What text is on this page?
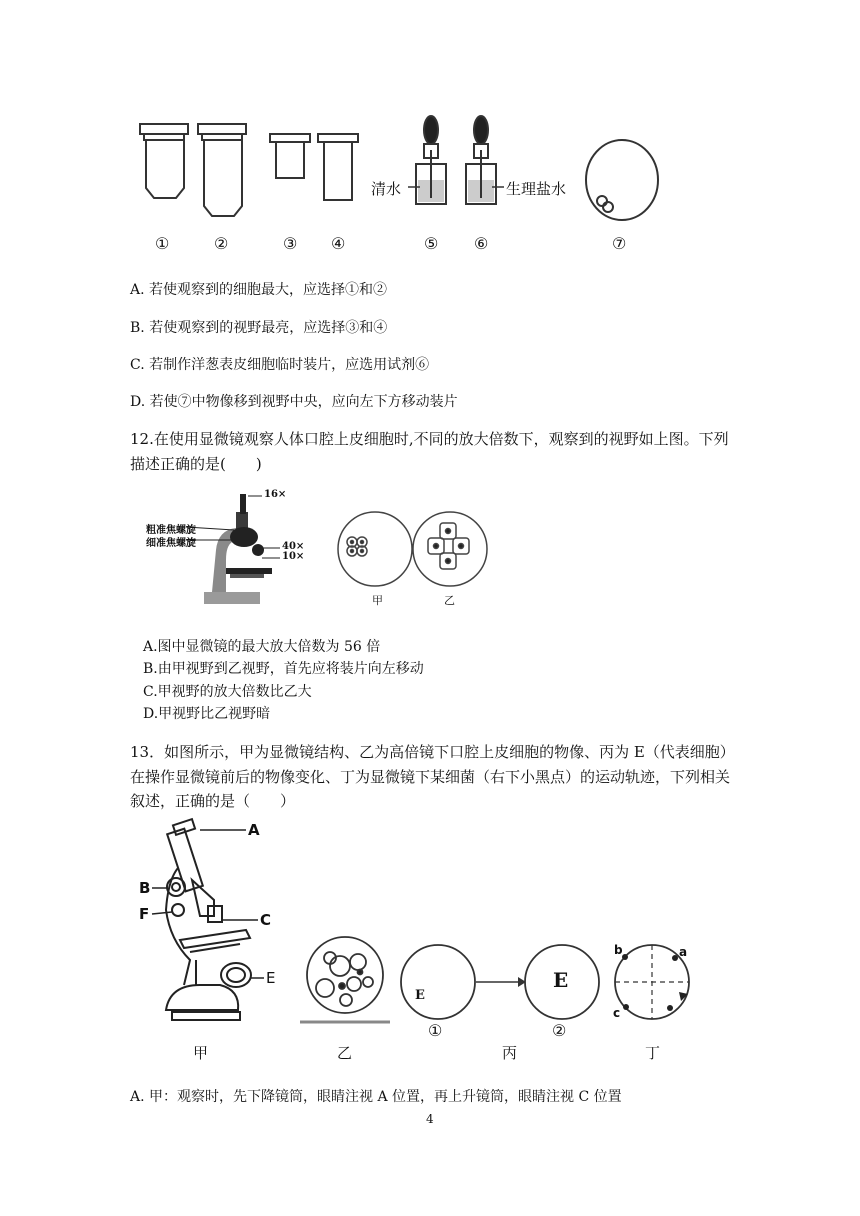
清水	生理盐水
①	②	③ ④	⑤ ⑥	⑦
A. 若使观察到的细胞最大，应选择①和②
B. 若使观察到的视野最亮，应选择③和④
C. 若制作洋葱表皮细胞临时装片，应选用试剂⑥
D. 若使⑦中物像移到视野中央，应向左下方移动装片
12.在使用显微镜观察人体口腔上皮细胞时,不同的放大倍数下，观察到的视野如上图。下列
描述正确的是(　　)
16×
粗准焦螺旋
细准焦螺旋	40×
10×
甲	乙
A.图中显微镜的最大放大倍数为 56 倍
B.由甲视野到乙视野，首先应将装片向左移动
C.甲视野的放大倍数比乙大
D.甲视野比乙视野暗
13．如图所示，甲为显微镜结构、乙为高倍镜下口腔上皮细胞的物像、丙为 E（代表细胞）
在操作显微镜前后的物像变化、丁为显微镜下某细菌（右下小黑点）的运动轨迹，下列相关
叙述，正确的是（　　）
A
B
F	C
E
E
E
①	②
b	a
c
甲	乙	丙	丁
A. 甲：观察时，先下降镜筒，眼睛注视 A 位置，再上升镜筒，眼睛注视 C 位置
4
